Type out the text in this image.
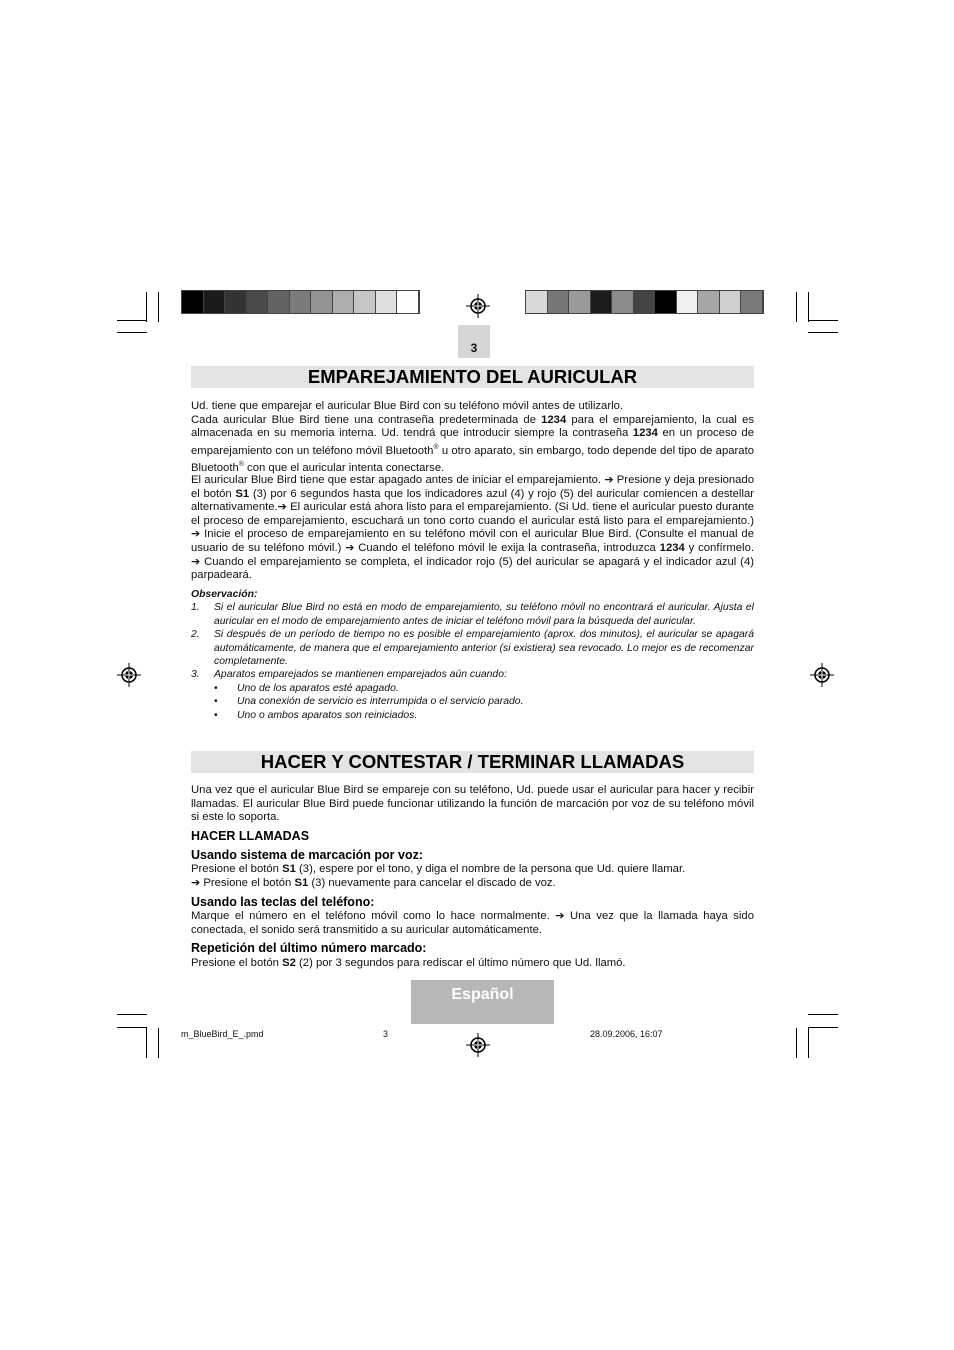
3
EMPAREJAMIENTO DEL AURICULAR

Ud. tiene que emparejar el auricular Blue Bird con su teléfono móvil antes de utilizarlo.
Cada auricular Blue Bird tiene una contraseña predeterminada de 1234 para el emparejamiento, la cual es almacenada en su memoria interna. Ud. tendrá que introducir siempre la contraseña 1234 en un proceso de emparejamiento con un teléfono móvil Bluetooth® u otro aparato, sin embargo, todo depende del tipo de aparato Bluetooth® con que el auricular intenta conectarse.

El auricular Blue Bird tiene que estar apagado antes de iniciar el emparejamiento. ➔ Presione y deja presionado el botón S1 (3) por 6 segundos hasta que los indicadores azul (4) y rojo (5) del auricular comiencen a destellar alternativamente.➔ El auricular está ahora listo para el emparejamiento. (Si Ud. tiene el auricular puesto durante el proceso de emparejamiento, escuchará un tono corto cuando el auricular está listo para el emparejamiento.) ➔ Inicie el proceso de emparejamiento en su teléfono móvil con el auricular Blue Bird. (Consulte el manual de usuario de su teléfono móvil.) ➔ Cuando el teléfono móvil le exija la contraseña, introduzca 1234 y confírmelo. ➔ Cuando el emparejamiento se completa, el indicador rojo (5) del auricular se apagará y el indicador azul (4) parpadeará.

Observación:
1.	Si el auricular Blue Bird no está en modo de emparejamiento, su teléfono móvil no encontrará el auricular. Ajusta el auricular en el modo de emparejamiento antes de iniciar el teléfono móvil para la búsqueda del auricular.
2.	Si después de un período de tiempo no es posible el emparejamiento (aprox. dos minutos), el auricular se apagará automáticamente, de manera que el emparejamiento anterior (si existiera) sea revocado. Lo mejor es de recomenzar completamente.
3.	Aparatos emparejados se mantienen emparejados aún cuando:
•	Uno de los aparatos esté apagado.
•	Una conexión de servicio es interrumpida o el servicio parado.
•	Uno o ambos aparatos son reiniciados.
HACER Y CONTESTAR / TERMINAR LLAMADAS

Una vez que el auricular Blue Bird se empareje con su teléfono, Ud. puede usar el auricular para hacer y recibir llamadas. El auricular Blue Bird puede funcionar utilizando la función de marcación por voz de su teléfono móvil si este lo soporta.

HACER LLAMADAS
Usando sistema de marcación por voz:

Presione el botón S1 (3), espere por el tono, y diga el nombre de la persona que Ud. quiere llamar.
➔ Presione el botón S1 (3) nuevamente para cancelar el discado de voz.

Usando las teclas del teléfono:

Marque el número en el teléfono móvil como lo hace normalmente. ➔ Una vez que la llamada haya sido conectada, el sonido será transmitido a su auricular automáticamente.

Repetición del último número marcado:

Presione el botón S2 (2) por 3 segundos para rediscar el último número que Ud. llamó.

Español
m_BlueBird_E_.pmd	3	28.09.2006, 16:07
